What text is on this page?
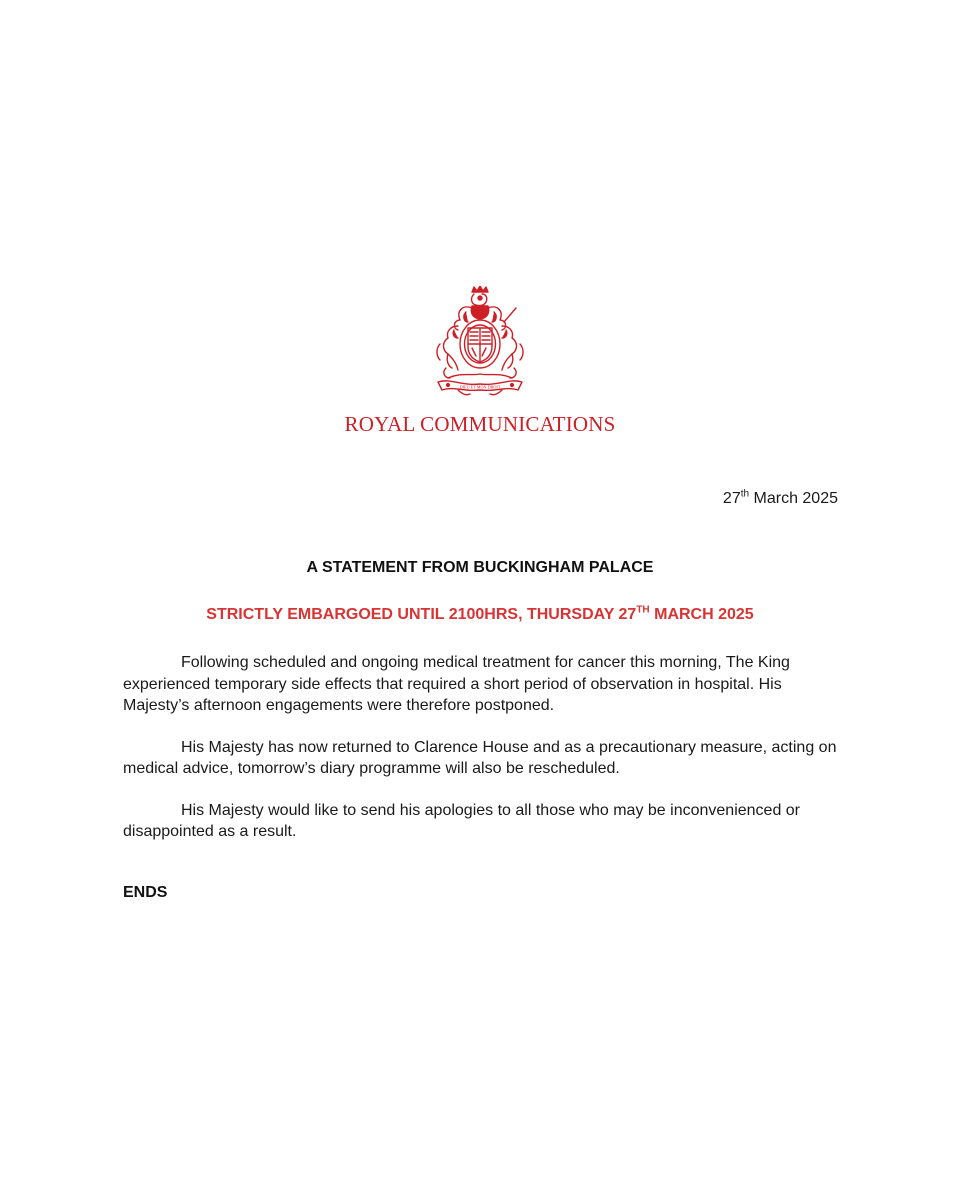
DIEU ET MON DROIT
ROYAL COMMUNICATIONS
27th March 2025
A STATEMENT FROM BUCKINGHAM PALACE
STRICTLY EMBARGOED UNTIL 2100HRS, THURSDAY 27TH MARCH 2025

Following scheduled and ongoing medical treatment for cancer this morning, The King experienced temporary side effects that required a short period of observation in hospital. His Majesty’s afternoon engagements were therefore postponed.

His Majesty has now returned to Clarence House and as a precautionary measure, acting on medical advice, tomorrow’s diary programme will also be rescheduled.

His Majesty would like to send his apologies to all those who may be inconvenienced or disappointed as a result.

ENDS
